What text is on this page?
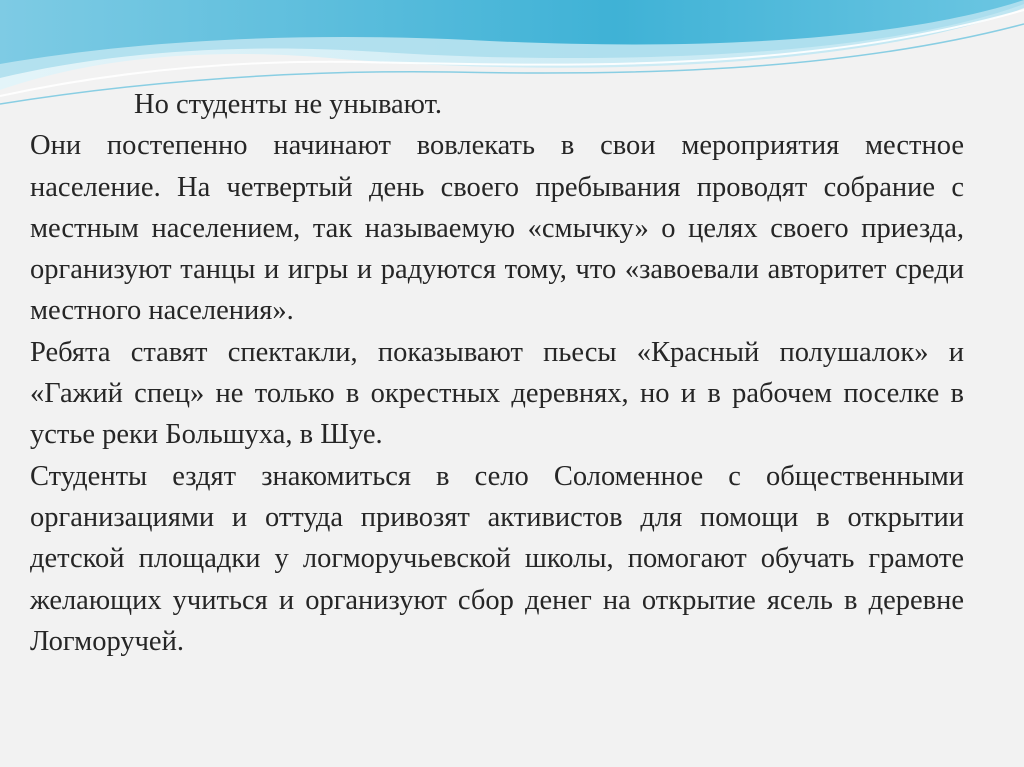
Но студенты не унывают.

Они постепенно начинают вовлекать в свои мероприятия местное население. На четвертый день своего пребывания проводят собрание с местным населением, так называемую «смычку» о целях своего приезда, организуют танцы и игры и радуются тому, что «завоевали авторитет среди местного населения».

Ребята ставят спектакли, показывают пьесы «Красный полушалок» и «Гажий спец» не только в окрестных деревнях, но и в рабочем поселке в устье реки Большуха, в Шуе.

Студенты ездят знакомиться в село Соломенное с общественными организациями и оттуда привозят активистов для помощи в открытии детской площадки у логморучьевской школы, помогают обучать грамоте желающих учиться и организуют сбор денег на открытие ясель в деревне Логморучей.
